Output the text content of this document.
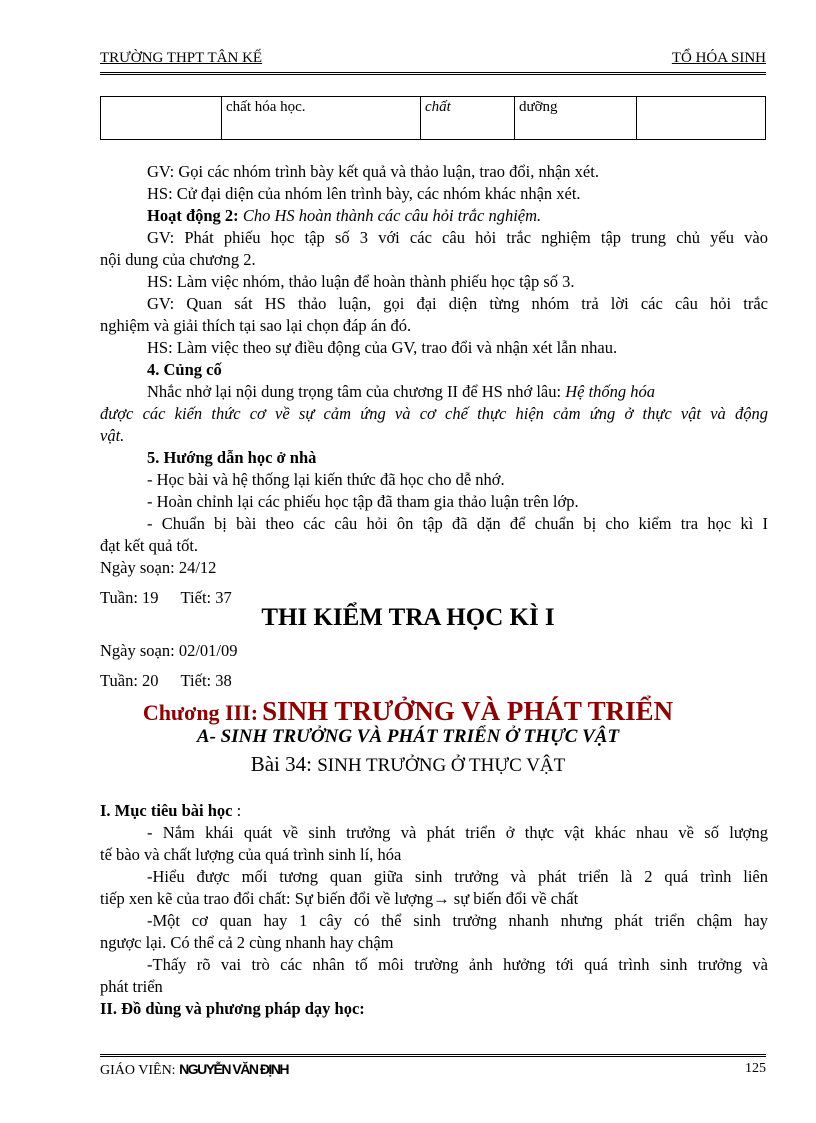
TRƯỜNG THPT TÂN KẾ	TỔ HÓA SINH
	chất hóa học.	chất	dưỡng	
GV: Gọi các nhóm trình bày kết quả và thảo luận, trao đổi, nhận xét.
HS: Cử đại diện của nhóm lên trình bày, các nhóm khác nhận xét.
Hoạt động 2: Cho HS hoàn thành các câu hỏi trắc nghiệm.
GV: Phát phiếu học tập số 3 với các câu hỏi trắc nghiệm tập trung chủ yếu vào
nội dung của chương 2.
HS: Làm việc nhóm, thảo luận để hoàn thành phiếu học tập số 3.
GV: Quan sát HS thảo luận, gọi đại diện từng nhóm trả lời các câu hỏi trắc
nghiệm và giải thích tại sao lại chọn đáp án đó.
HS: Làm việc theo sự điều động của GV, trao đổi và nhận xét lẫn nhau.
4. Củng cố
Nhắc nhở lại nội dung trọng tâm của chương II để HS nhớ lâu: Hệ thống hóa
được các kiến thức cơ về sự cảm ứng và cơ chế thực hiện cảm ứng ở thực vật và động
vật.
5. Hướng dẫn học ở nhà
- Học bài và hệ thống lại kiến thức đã học cho dễ nhớ.
- Hoàn chỉnh lại các phiếu học tập đã tham gia thảo luận trên lớp.
- Chuẩn bị bài theo các câu hỏi ôn tập đã dặn để chuẩn bị cho kiểm tra học kì I
đạt kết quả tốt.
Ngày soạn: 24/12
Tuần: 19 Tiết: 37
THI KIỂM TRA HỌC KÌ I
Ngày soạn: 02/01/09
Tuần: 20 Tiết: 38
Chương III: SINH TRƯỞNG VÀ PHÁT TRIỂN
A- SINH TRƯỞNG VÀ PHÁT TRIỂN Ở THỰC VẬT
Bài 34: SINH TRƯỞNG Ở THỰC VẬT
I. Mục tiêu bài học :
- Nắm khái quát về sinh trưởng và phát triển ở thực vật khác nhau về số lượng
tế bào và chất lượng của quá trình sinh lí, hóa
-Hiểu được mối tương quan giữa sinh trưởng và phát triển là 2 quá trình liên
tiếp xen kẽ của trao đổi chất: Sự biến đổi về lượng→ sự biến đổi về chất
-Một cơ quan hay 1 cây có thể sinh trưởng nhanh nhưng phát triển chậm hay
ngược lại. Có thể cả 2 cùng nhanh hay chậm
-Thấy rõ vai trò các nhân tố môi trường ảnh hưởng tới quá trình sinh trưởng và
phát triển
II. Đồ dùng và phương pháp dạy học:
GIÁO VIÊN: NGUYỄN VĂN ĐỊNH	125
